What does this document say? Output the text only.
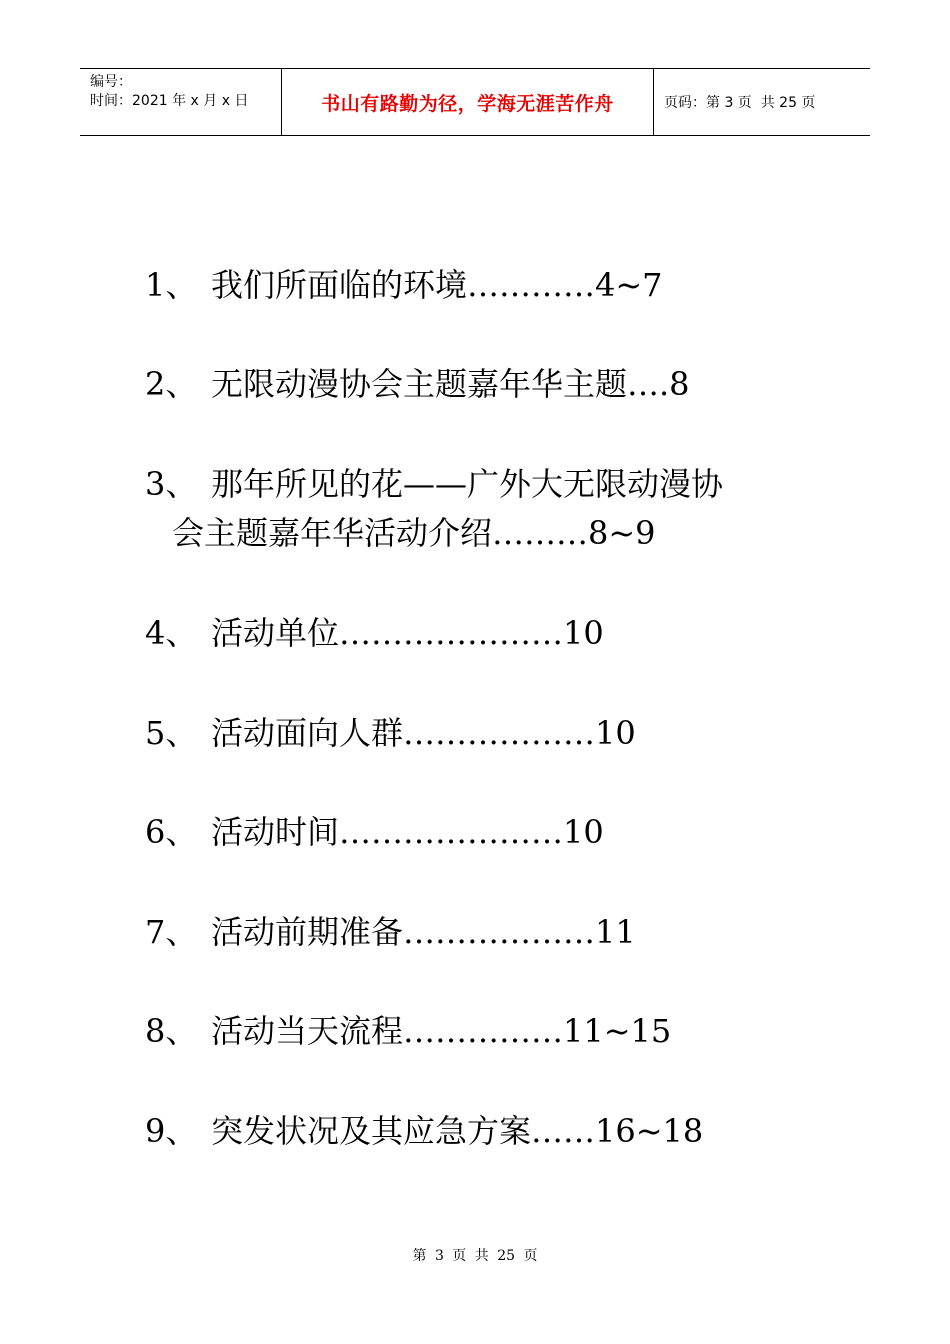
编号：
时间：2021 年 x 月 x 日	书山有路勤为径，学海无涯苦作舟	页码：第 3 页  共 25 页
1、 我们所面临的环境…………4~7
2、 无限动漫协会主题嘉年华主题….8
3、 那年所见的花——广外大无限动漫协
会主题嘉年华活动介绍………8~9
4、 活动单位…………………10
5、 活动面向人群………………10
6、 活动时间…………………10
7、 活动前期准备………………11
8、 活动当天流程……………11~15
9、 突发状况及其应急方案……16~18
第 3 页 共 25 页
